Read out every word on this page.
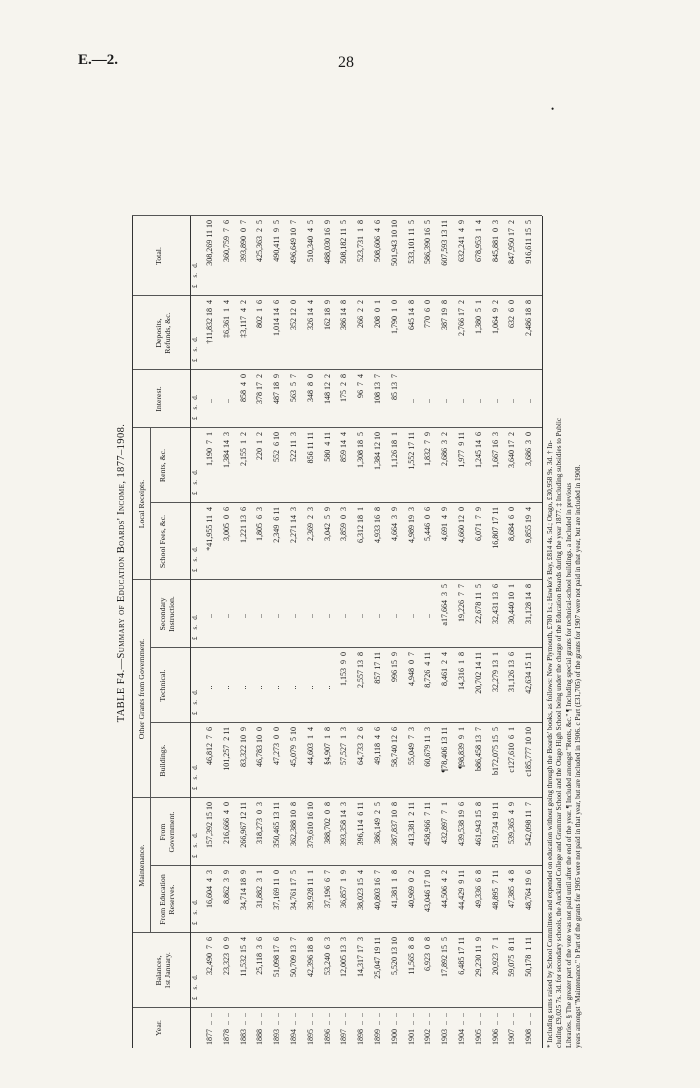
E.—2.	28
•
TABLE F4.—Summary of Education Boards' Income, 1877–1908.
Maintenance.
Other Grants from Government.
Local Receipts.
Year.
Balances,
1st January.
From Education
Reserves.
From
Government.
Buildings.
Technical.
Secondary
Instruction.
School Fees, &c.
Rents, &c.
Interest.
Deposits,
Refunds, &c.
Total.
£    s.   d.
£    s.   d.
£    s.   d.
£    s.   d.
£    s.   d.
£    s.   d.
£    s.   d.
£    s.   d.
£    s.   d.
£    s.   d.
£    s.   d.
1877  ..  ..
32,490  7  6
16,604  4  3
157,392 15 10
46,812  7  6
..
..
*41,955 11  4
1,190  7  1
..
†11,832 18  4
308,269 11 10
1878  ..  ..
23,323  0  9
8,862  3  9
216,666  4  0
101,257  2 11
..
..
3,005  0  6
1,384 14  3
..
‡6,361  1  4
360,759  7  6
1883  ..  ..
11,532 15  4
34,714 18  9
266,967 12 11
83,322 10  9
..
..
1,221 13  6
2,155  1  2
858  4  0
‡3,117  4  2
393,890  0  7
1888  ..  ..
25,118  3  6
31,882  3  1
318,273  0  3
46,783 10  0
..
..
1,805  6  3
220  1  2
378 17  2
802  1  6
425,363  2  5
1893  ..  ..
51,098 17  6
37,169 11  0
350,465 13 11
47,273  0  0
..
..
2,349  6 11
552  6 10
487 18  9
1,014 14  6
490,411  9  5
1894  ..  ..
50,709 13  7
34,761 17  5
362,388 10  8
45,079  5 10
..
..
2,271 14  3
522 11  3
563  5  7
352 12  0
496,649 10  7
1895  ..  ..
42,396 18  8
39,928 11  1
379,610 16 10
44,603  1  4
..
..
2,369  2  3
856 11 11
348  8  0
326 14  4
510,340  4  5
1896  ..  ..
53,240  6  3
37,196  6  7
388,702  0  8
§4,907  1  8
..
..
3,042  5  9
580  4 11
148 12  2
162 18  9
488,030 16  9
1897  ..  ..
12,005 13  3
36,857  1  9
393,358 14  3
57,527  1  3
1,153  9  0
..
3,859  0  3
859 14  4
175  2  8
386 14  8
508,182 11  5
1898  ..  ..
14,317 17  3
38,023 15  4
396,114  6 11
64,733  2  6
2,557 13  8
..
6,312 18  1
1,308 18  5
96  7  4
266  2  2
523,731  1  8
1899  ..  ..
25,047 19 11
40,803 16  7
386,149  2  5
49,118  4  6
857 17 11
..
4,933 16  8
1,384 12 10
108 13  7
208  0  1
508,606  4  6
1900  ..  ..
5,520 13 10
41,381  1  8
387,837 10  8
58,740 12  6
996 15  9
..
4,664  3  9
1,126 18  1
85 13  7
1,790  1  0
501,943 10 10
1901  ..  ..
11,565  8  8
40,969  0  2
413,381  2 11
55,049  7  3
4,948  0  7
..
4,989 19  3
1,552 17 11
..
645 14  8
533,101 11  5
1902  ..  ..
6,923  0  8
43,046 17 10
458,966  7 11
60,679 11  3
8,726  4 11
..
5,446  0  6
1,832  7  9
..
770  6  0
586,390 16  5
1903  ..  ..
17,892 15  5
44,506  4  2
432,897  7  1
¶78,406 13 11
8,461  2  4
a17,664  3  5
4,691  4  9
2,686  3  2
..
387 19  8
607,593 13 11
1904  ..  ..
6,485 17 11
44,429  9 11
439,538 19  6
¶98,839  9  1
14,316  1  8
19,226  7  7
4,660 12  0
1,977  9 11
..
2,766 17  2
632,241  4  9
1905  ..  ..
29,230 11  9
49,336  6  8
461,943 15  8
b86,458 13  7
20,702 14 11
22,678 11  5
6,071  7  9
1,245 14  6
..
1,380  5  1
678,953  1  4
1906  ..  ..
20,923  7  1
48,895  7 11
519,734 19 11
b172,075 15  5
32,279 13  1
32,431 13  6
16,807 17 11
1,667 16  3
..
1,064  9  2
845,881  0  3
1907  ..  ..
59,075  8 11
47,385  4  8
539,365  4  9
c127,610  6  1
31,126 13  6
30,440 10  1
8,684  6  0
3,640 17  2
..
632  6  0
847,950 17  2
1908  ..  ..
50,178  1 11
48,764 19  6
542,098 11  7
c185,777 10 10
42,634 15 11
31,128 14  8
9,855 19  4
3,686  3  0
..
2,486 18  8
916,611 15  5
* Including sums raised by School Committees and expended on education without going through the Boards' books, as follows: New Plymouth, £780 1s.; Hawke's Bay, £814 4s. 5d.; Otago, £30,958 9s. 3d. † In- cluding £9,025 7s. 3d. for secondary schools, the Auckland College and Grammar School and the Otago High School being under the charge of the Education Boards during the year 1877. ‡ Including subsidies to Public Libraries. § The greater part of the vote was not paid until after the end of the year. ¶ Included amongst "Rents, &c." ¶ Including special grants for technical-school buildings. a Included in previous years amongst "Maintenance." b Part of the grants for 1905 were not paid in that year, but are included in 1906. c Part (£31,705) of the grants for 1907 were not paid in that year, but are included in 1908.
